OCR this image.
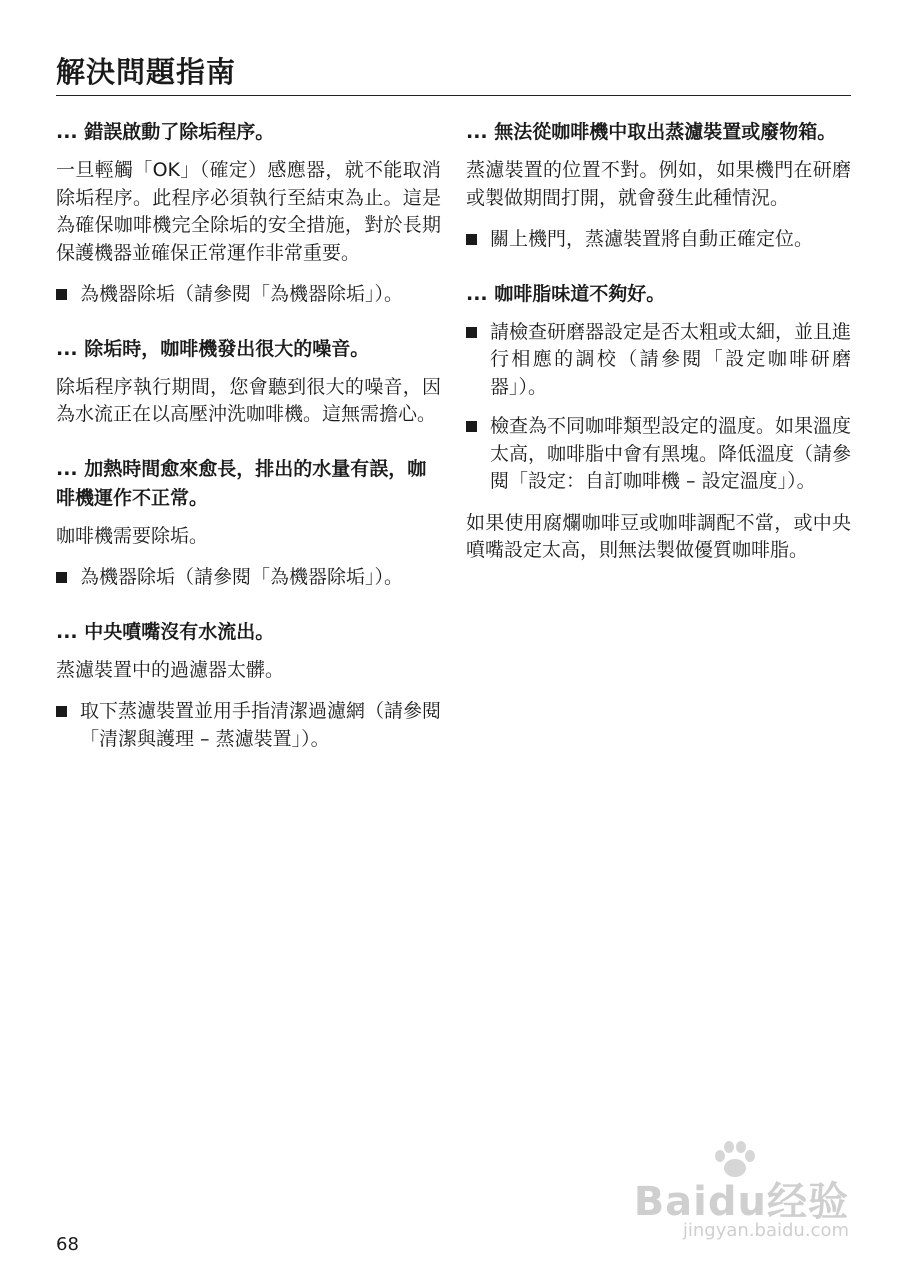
解決問題指南
... 錯誤啟動了除垢程序。

一旦輕觸「OK」（確定）感應器，就不能取消除垢程序。此程序必須執行至結束為止。這是為確保咖啡機完全除垢的安全措施，對於長期保護機器並確保正常運作非常重要。

為機器除垢（請參閱「為機器除垢」）。
... 除垢時，咖啡機發出很大的噪音。

除垢程序執行期間，您會聽到很大的噪音，因為水流正在以高壓沖洗咖啡機。這無需擔心。

... 加熱時間愈來愈長，排出的水量有誤，咖啡機運作不正常。

咖啡機需要除垢。

為機器除垢（請參閱「為機器除垢」）。
... 中央噴嘴沒有水流出。

蒸濾裝置中的過濾器太髒。

取下蒸濾裝置並用手指清潔過濾網（請參閱「清潔與護理 – 蒸濾裝置」）。
... 無法從咖啡機中取出蒸濾裝置或廢物箱。

蒸濾裝置的位置不對。例如，如果機門在研磨或製做期間打開，就會發生此種情況。

關上機門，蒸濾裝置將自動正確定位。
... 咖啡脂味道不夠好。
請檢查研磨器設定是否太粗或太細，並且進行相應的調校（請參閱「設定咖啡研磨器」）。
檢查為不同咖啡類型設定的溫度。如果溫度太高，咖啡脂中會有黑塊。降低溫度（請參閱「設定：自訂咖啡機 – 設定溫度」）。

如果使用腐爛咖啡豆或咖啡調配不當，或中央噴嘴設定太高，則無法製做優質咖啡脂。

68
Baidu经验
jingyan.baidu.com
